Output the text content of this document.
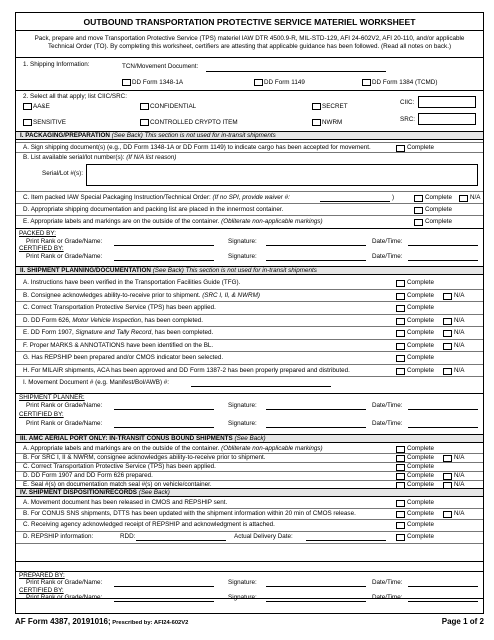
OUTBOUND TRANSPORTATION PROTECTIVE SERVICE MATERIEL WORKSHEET
Pack, prepare and move Transportation Protective Service (TPS) materiel IAW DTR 4500.9-R, MIL-STD-129, AFI 24-602V2, AFI 20-110, and/or applicable
Technical Order (TO). By completing this worksheet, certifiers are attesting that applicable guidance has been followed. (Read all notes on back.)
1. Shipping Information:	TCN/Movement Document:
DD Form 1348-1A	DD Form 1149	DD Form 1384 (TCMD)
2. Select all that apply; list CIIC/SRC:
AA&E	CONFIDENTIAL	SECRET
SENSITIVE	CONTROLLED CRYPTO ITEM	NWRM
CIIC:
SRC:
I. PACKAGING/PREPARATION (See Back) This section is not used for in-transit shipments
A. Sign shipping document(s) (e.g., DD Form 1348-1A or DD Form 1149) to indicate cargo has been accepted for movement.	Complete
B. List available serial/lot number(s): (If N/A list reason)
Serial/Lot #(s):
C. Item packed IAW Special Packaging Instruction/Technical Order: (If no SPI, provide waiver #:	)	Complete	N/A
D. Appropriate shipping documentation and packing list are placed in the innermost container.	Complete
E. Appropriate labels and markings are on the outside of the container. (Obliterate non-applicable markings)	Complete
PACKED BY:
Print Rank or Grade/Name:	Signature:	Date/Time:
CERTIFIED BY:
Print Rank or Grade/Name:	Signature:	Date/Time:
II. SHIPMENT PLANNING/DOCUMENTATION (See Back) This section is not used for in-transit shipments
A. Instructions have been verified in the Transportation Facilities Guide (TFG).	Complete
B. Consignee acknowledges ability-to-receive prior to shipment. (SRC I, II, & NWRM)	Complete	N/A
C. Correct Transportation Protective Service (TPS) has been applied.	Complete
D. DD Form 626, Motor Vehicle Inspection, has been completed.	Complete	N/A
E. DD Form 1907, Signature and Tally Record, has been completed.	Complete	N/A
F. Proper MARKS & ANNOTATIONS have been identified on the BL.	Complete	N/A
G. Has REPSHIP been prepared and/or CMOS indicator been selected.	Complete
H. For MILAIR shipments, ACA has been approved and DD Form 1387-2 has been properly prepared and distributed.	Complete	N/A
I. Movement Document # (e.g. Manifest/Bol/AWB) #:
SHIPMENT PLANNER:
Print Rank or Grade/Name:	Signature:	Date/Time:
CERTIFIED BY:
Print Rank or Grade/Name:	Signature:	Date/Time:
III. AMC AERIAL PORT ONLY: IN-TRANSIT CONUS BOUND SHIPMENTS (See Back)
A. Appropriate labels and markings are on the outside of the container. (Obliterate non-applicable markings)	Complete
B. For SRC I, II & NWRM, consignee acknowledges ability-to-receive prior to shipment.	Complete	N/A
C. Correct Transportation Protective Service (TPS) has been applied.	Complete
D. DD Form 1907 and DD Form 626 prepared.	Complete	N/A
E. Seal #(s) on documentation match seal #(s) on vehicle/container.	Complete	N/A
IV. SHIPMENT DISPOSITION/RECORDS (See Back)
A. Movement document has been released in CMOS and REPSHIP sent.	Complete
B. For CONUS SNS shipments, DTTS has been updated with the shipment information within 20 min of CMOS release.	Complete	N/A
C. Receiving agency acknowledged receipt of REPSHIP and acknowledgment is attached.	Complete
D. REPSHIP information:	Complete
RDD:	Actual Delivery Date:
PREPARED BY:
Print Rank or Grade/Name:	Signature:	Date/Time:
CERTIFIED BY:
Print Rank or Grade/Name:	Signature:	Date/Time:
AF Form 4387, 20191016; Prescribed by: AFI24-602V2	Page 1 of 2
